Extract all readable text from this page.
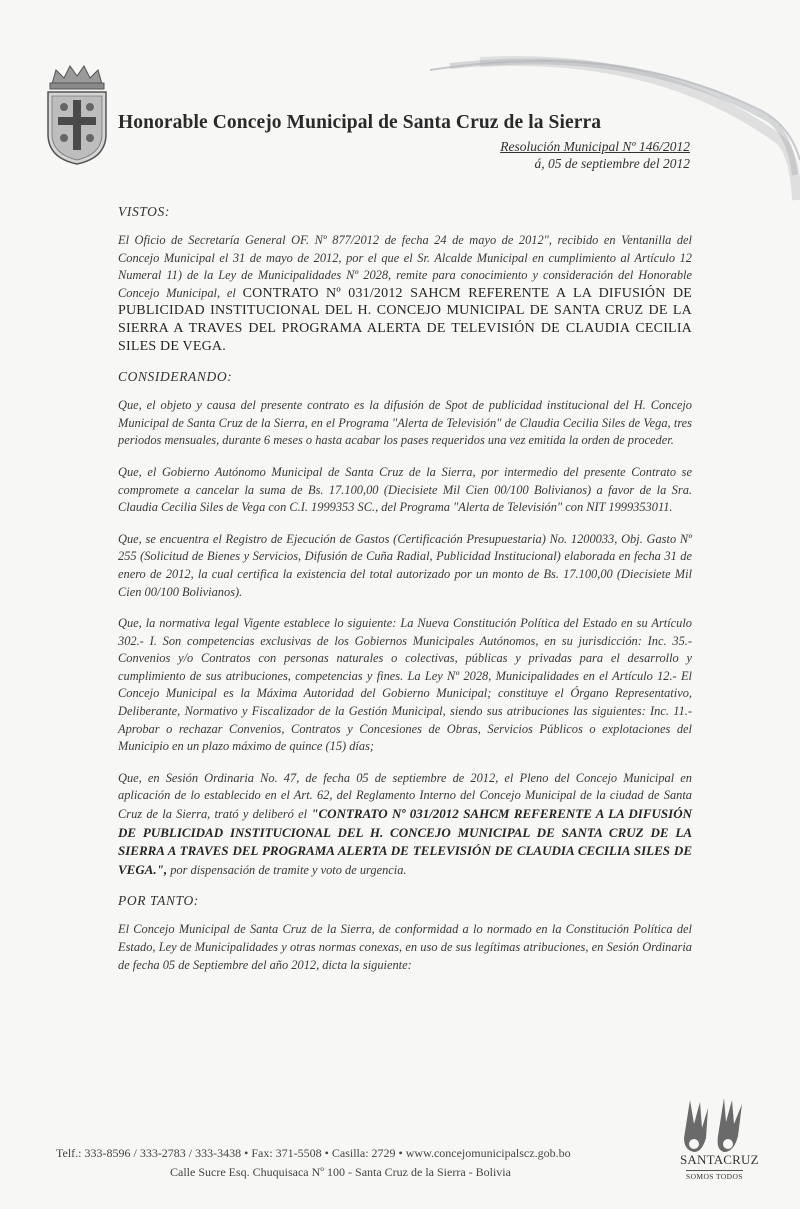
Honorable Concejo Municipal de Santa Cruz de la Sierra
Resolución Municipal Nº 146/2012
á, 05 de septiembre del 2012

VISTOS:

El Oficio de Secretaría General OF. Nº 877/2012 de fecha 24 de mayo de 2012", recibido en Ventanilla del Concejo Municipal el 31 de mayo de 2012, por el que el Sr. Alcalde Municipal en cumplimiento al Artículo 12 Numeral 11) de la Ley de Municipalidades Nº 2028, remite para conocimiento y consideración del Honorable Concejo Municipal, el CONTRATO Nº 031/2012 SAHCM REFERENTE A LA DIFUSIÓN DE PUBLICIDAD INSTITUCIONAL DEL H. CONCEJO MUNICIPAL DE SANTA CRUZ DE LA SIERRA A TRAVES DEL PROGRAMA ALERTA DE TELEVISIÓN DE CLAUDIA CECILIA SILES DE VEGA.

CONSIDERANDO:

Que, el objeto y causa del presente contrato es la difusión de Spot de publicidad institucional del H. Concejo Municipal de Santa Cruz de la Sierra, en el Programa "Alerta de Televisión" de Claudia Cecilia Siles de Vega, tres periodos mensuales, durante 6 meses o hasta acabar los pases requeridos una vez emitida la orden de proceder.

Que, el Gobierno Autónomo Municipal de Santa Cruz de la Sierra, por intermedio del presente Contrato se compromete a cancelar la suma de Bs. 17.100,00 (Diecisiete Mil Cien 00/100 Bolivianos) a favor de la Sra. Claudia Cecilia Siles de Vega con C.I. 1999353 SC., del Programa "Alerta de Televisión" con NIT 1999353011.

Que, se encuentra el Registro de Ejecución de Gastos (Certificación Presupuestaria) No. 1200033, Obj. Gasto Nº 255 (Solicitud de Bienes y Servicios, Difusión de Cuña Radial, Publicidad Institucional) elaborada en fecha 31 de enero de 2012, la cual certifica la existencia del total autorizado por un monto de Bs. 17.100,00 (Diecisiete Mil Cien 00/100 Bolivianos).

Que, la normativa legal Vigente establece lo siguiente: La Nueva Constitución Política del Estado en su Artículo 302.- I. Son competencias exclusivas de los Gobiernos Municipales Autónomos, en su jurisdicción: Inc. 35.- Convenios y/o Contratos con personas naturales o colectivas, públicas y privadas para el desarrollo y cumplimiento de sus atribuciones, competencias y fines. La Ley Nº 2028, Municipalidades en el Artículo 12.- El Concejo Municipal es la Máxima Autoridad del Gobierno Municipal; constituye el Órgano Representativo, Deliberante, Normativo y Fiscalizador de la Gestión Municipal, siendo sus atribuciones las siguientes: Inc. 11.- Aprobar o rechazar Convenios, Contratos y Concesiones de Obras, Servicios Públicos o explotaciones del Municipio en un plazo máximo de quince (15) días;

Que, en Sesión Ordinaria No. 47, de fecha 05 de septiembre de 2012, el Pleno del Concejo Municipal en aplicación de lo establecido en el Art. 62, del Reglamento Interno del Concejo Municipal de la ciudad de Santa Cruz de la Sierra, trató y deliberó el "CONTRATO Nº 031/2012 SAHCM REFERENTE A LA DIFUSIÓN DE PUBLICIDAD INSTITUCIONAL DEL H. CONCEJO MUNICIPAL DE SANTA CRUZ DE LA SIERRA A TRAVES DEL PROGRAMA ALERTA DE TELEVISIÓN DE CLAUDIA CECILIA SILES DE VEGA.", por dispensación de tramite y voto de urgencia.

POR TANTO:

El Concejo Municipal de Santa Cruz de la Sierra, de conformidad a lo normado en la Constitución Política del Estado, Ley de Municipalidades y otras normas conexas, en uso de sus legítimas atribuciones, en Sesión Ordinaria de fecha 05 de Septiembre del año 2012, dicta la siguiente:

Telf.: 333-8596 / 333-2783 / 333-3438 • Fax: 371-5508 • Casilla: 2729 • www.concejomunicipalscz.gob.bo
Calle Sucre Esq. Chuquisaca Nº 100 - Santa Cruz de la Sierra - Bolivia
SANTACRUZ
SOMOS TODOS
